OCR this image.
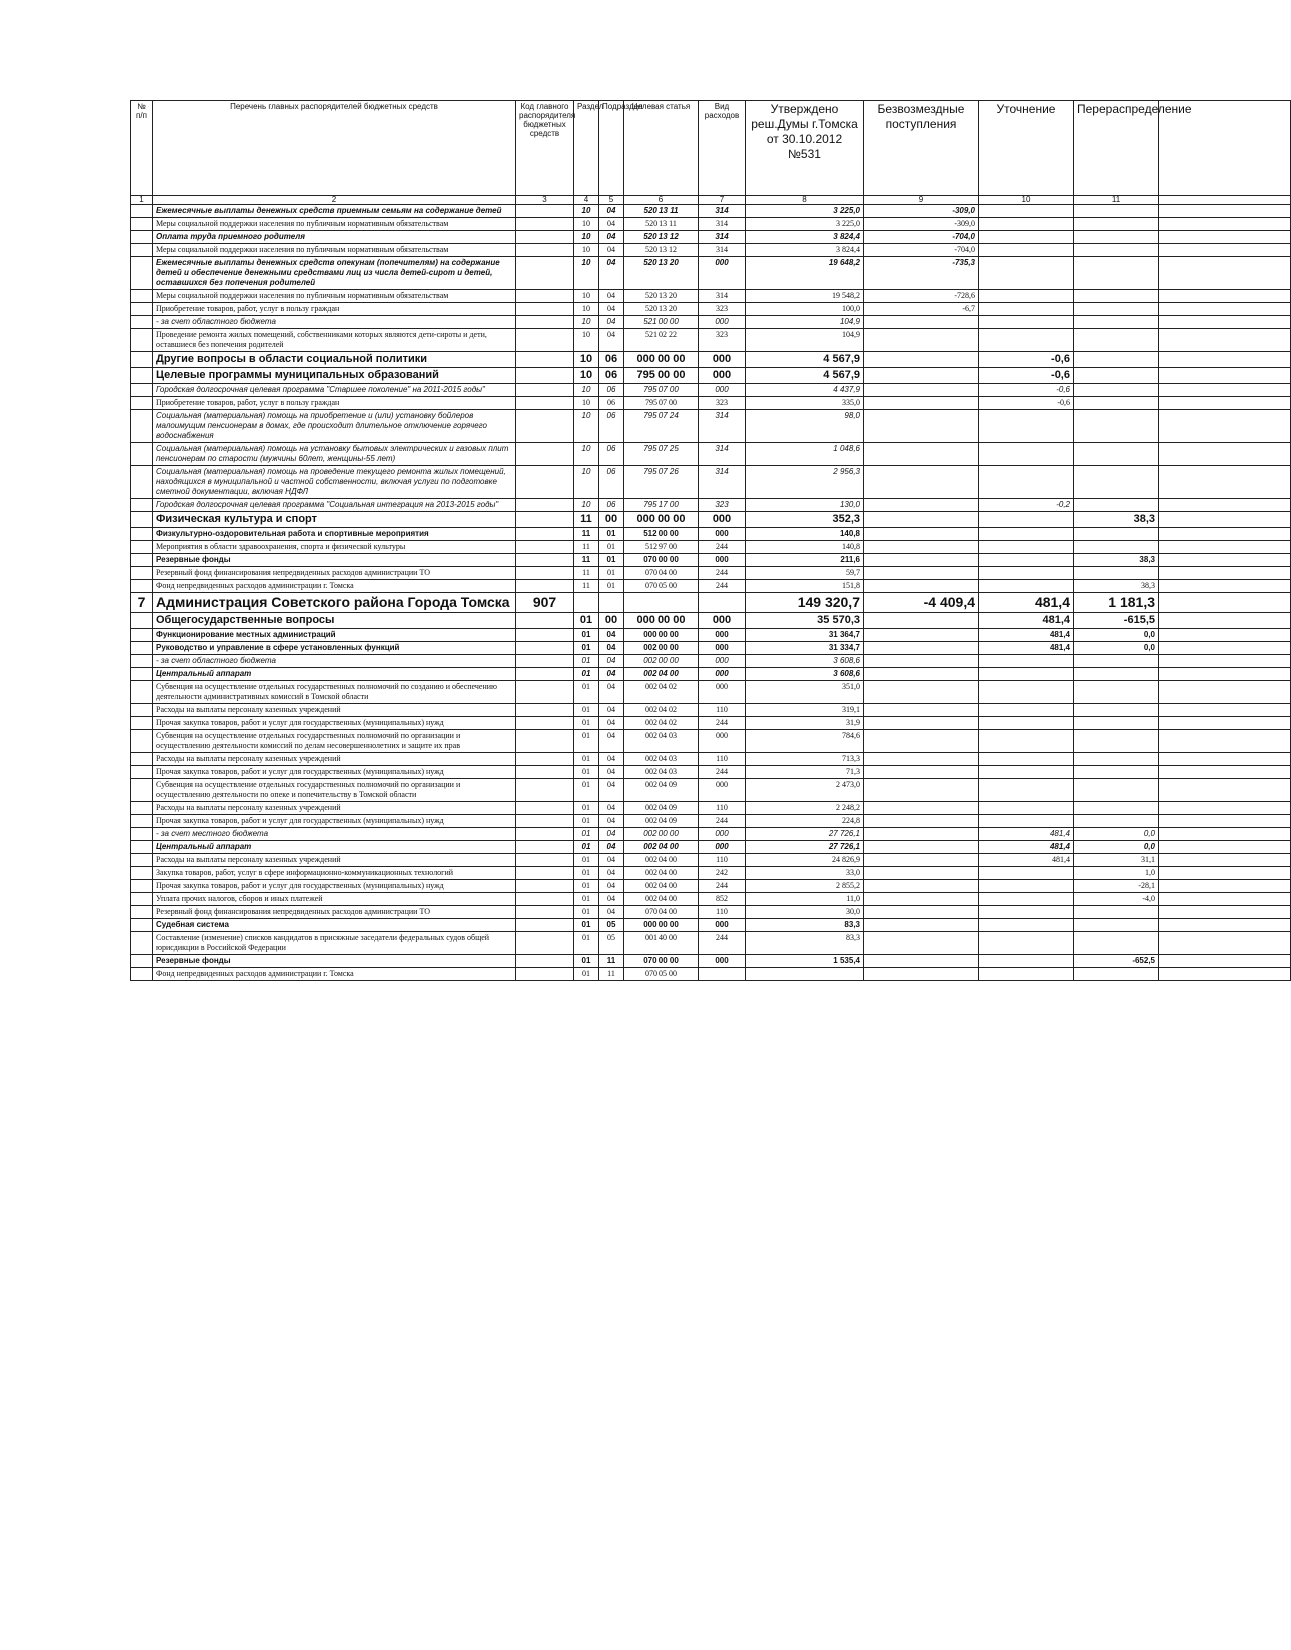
№ п/п	Перечень главных распорядителей бюджетных средств	Код главного распорядителя бюджетных средств	Раздел	Подраздел	Целевая статья	Вид расходов	Утверждено реш.Думы г.Томска от 30.10.2012 №531	Безвозмездные поступления	Уточнение	Перераспределение	
1	2	3	4	5	6	7	8	9	10	11	
	Ежемесячные выплаты денежных средств приемным семьям на содержание детей		10	04	520 13 11	314	3 225,0	-309,0			
	Меры социальной поддержки населения по публичным нормативным обязательствам		10	04	520 13 11	314	3 225,0	-309,0			
	Оплата труда приемного родителя		10	04	520 13 12	314	3 824,4	-704,0			
	Меры социальной поддержки населения по публичным нормативным обязательствам		10	04	520 13 12	314	3 824,4	-704,0			
	Ежемесячные выплаты денежных средств опекунам (попечителям) на содержание детей и обеспечение денежными средствами лиц из числа детей-сирот и детей, оставшихся без попечения родителей		10	04	520 13 20	000	19 648,2	-735,3			
	Меры социальной поддержки населения по публичным нормативным обязательствам		10	04	520 13 20	314	19 548,2	-728,6			
	Приобретение товаров, работ, услуг в пользу граждан		10	04	520 13 20	323	100,0	-6,7			
	- за счет областного бюджета		10	04	521 00 00	000	104,9				
	Проведение ремонта жилых помещений, собственниками которых являются дети-сироты и дети, оставшиеся без попечения родителей		10	04	521 02 22	323	104,9				
	Другие вопросы в области социальной политики		10	06	000 00 00	000	4 567,9		-0,6		
	Целевые программы муниципальных образований		10	06	795 00 00	000	4 567,9		-0,6		
	Городская долгосрочная целевая программа "Старшее поколение" на 2011-2015 годы"		10	06	795 07 00	000	4 437,9		-0,6		
	Приобретение товаров, работ, услуг в пользу граждан		10	06	795 07 00	323	335,0		-0,6		
	Социальная (материальная) помощь на приобретение и (или) установку бойлеров малоимущим пенсионерам в домах, где происходит длительное отключение горячего водоснабжения		10	06	795 07 24	314	98,0				
	Социальная (материальная) помощь на установку бытовых электрических и газовых плит пенсионерам по старости (мужчины 60лет, женщины-55 лет)		10	06	795 07 25	314	1 048,6				
	Социальная (материальная) помощь на проведение текущего ремонта жилых помещений, находящихся в муниципальной и частной собственности, включая услуги по подготовке сметной документации, включая НДФЛ		10	06	795 07 26	314	2 956,3				
	Городская долгосрочная целевая программа "Социальная интеграция на 2013-2015 годы"		10	06	795 17 00	323	130,0		-0,2		
	Физическая культура и спорт		11	00	000 00 00	000	352,3			38,3	
	Физкультурно-оздоровительная работа и спортивные мероприятия		11	01	512 00 00	000	140,8				
	Мероприятия в области здравоохранения, спорта и физической культуры		11	01	512 97 00	244	140,8				
	Резервные фонды		11	01	070 00 00	000	211,6			38,3	
	Резервный фонд финансирования непредвиденных расходов администрации ТО		11	01	070 04 00	244	59,7				
	Фонд непредвиденных расходов администрации г. Томска		11	01	070 05 00	244	151,8			38,3	
7	Администрация Советского района Города Томска	907					149 320,7	-4 409,4	481,4	1 181,3	
	Общегосударственные вопросы		01	00	000 00 00	000	35 570,3		481,4	-615,5	
	Функционирование местных администраций		01	04	000 00 00	000	31 364,7		481,4	0,0	
	Руководство и управление в сфере установленных функций		01	04	002 00 00	000	31 334,7		481,4	0,0	
	- за счет областного бюджета		01	04	002 00 00	000	3 608,6				
	Центральный аппарат		01	04	002 04 00	000	3 608,6				
	Субвенция на осуществление отдельных государственных полномочий по созданию и обеспечению деятельности административных комиссий в Томской области		01	04	002 04 02	000	351,0				
	Расходы на выплаты персоналу казенных учреждений		01	04	002 04 02	110	319,1				
	Прочая закупка товаров, работ и услуг для государственных (муниципальных) нужд		01	04	002 04 02	244	31,9				
	Субвенция на осуществление отдельных государственных полномочий по организации и осуществлению деятельности комиссий по делам несовершеннолетних и защите их прав		01	04	002 04 03	000	784,6				
	Расходы на выплаты персоналу казенных учреждений		01	04	002 04 03	110	713,3				
	Прочая закупка товаров, работ и услуг для государственных (муниципальных) нужд		01	04	002 04 03	244	71,3				
	Субвенция на осуществление отдельных государственных полномочий по организации и осуществлению деятельности по опеке и попечительству в Томской области		01	04	002 04 09	000	2 473,0				
	Расходы на выплаты персоналу казенных учреждений		01	04	002 04 09	110	2 248,2				
	Прочая закупка товаров, работ и услуг для государственных (муниципальных) нужд		01	04	002 04 09	244	224,8				
	- за счет местного бюджета		01	04	002 00 00	000	27 726,1		481,4	0,0	
	Центральный аппарат		01	04	002 04 00	000	27 726,1		481,4	0,0	
	Расходы на выплаты персоналу казенных учреждений		01	04	002 04 00	110	24 826,9		481,4	31,1	
	Закупка товаров, работ, услуг в сфере информационно-коммуникационных технологий		01	04	002 04 00	242	33,0			1,0	
	Прочая закупка товаров, работ и услуг для государственных (муниципальных) нужд		01	04	002 04 00	244	2 855,2			-28,1	
	Уплата прочих налогов, сборов и иных платежей		01	04	002 04 00	852	11,0			-4,0	
	Резервный фонд финансирования непредвиденных расходов администрации ТО		01	04	070 04 00	110	30,0				
	Судебная система		01	05	000 00 00	000	83,3				
	Составление (изменение) списков кандидатов в присяжные заседатели федеральных судов общей юрисдикции в Российской Федерации		01	05	001 40 00	244	83,3				
	Резервные фонды		01	11	070 00 00	000	1 535,4			-652,5	
	Фонд непредвиденных расходов администрации г. Томска		01	11	070 05 00						
